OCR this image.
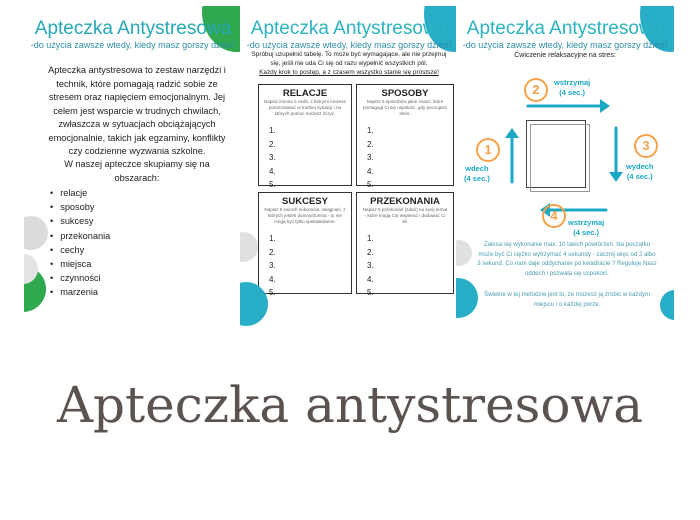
Apteczka Antystresowa
-do użycia zawsze wtedy, kiedy masz gorszy dzień!
Apteczka antystresowa to zestaw narzędzi i technik, które pomagają radzić sobie ze stresem oraz napięciem emocjonalnym. Jej celem jest wsparcie w trudnych chwilach, zwłaszcza w sytuacjach obciążających emocjonalnie, takich jak egzaminy, konflikty czy codzienne wyzwania szkolne.
W naszej apteczce skupiamy się na obszarach:
• relacje
• sposoby
• sukcesy
• przekonania
• cechy
• miejsca
• czynności
• marzenia
Apteczka Antystresowa
-do użycia zawsze wtedy, kiedy masz gorszy dzień!
Spróbuj uzupełnić tabelę. To może być wymagające, ale nie przejmuj się, jeśli nie uda Ci się od razu wypełnić wszystkich pól.
Każdy krok to postęp, a z czasem wszystko stanie się prostsze!
RELACJE
Napisz imiona 5 osób, z którymi możesz porozmawiać w trudnej sytuacji i na których pomoc możesz liczyć.
1.
2.
3.
4.
5.
SPOSOBY
Napisz 5 sposobów jakie znasz, które pomagają Ci się uspokoić, gdy poczujesz stres.
1.
2.
3.
4.
5.
SUKCESY
Napisz 5 swoich sukcesów, osiągnięć, z których jesteś dumny/dumna - to nie mogą być tylko spektakularne.
1.
2.
3.
4.
5.
PRZEKONANIA
Napisz 5 przekonań (zdań) na swój temat - które mogą Cię wspierać i dodawać Ci sił.
1.
2.
3.
4.
5.
Apteczka Antystresowa
-do użycia zawsze wtedy, kiedy masz gorszy dzień!
Ćwiczenie relaksacyjne na stres:
1
2
3
4
wdech
(4 sec.)
wstrzymaj
(4 sec.)
wydech
(4 sec.)
wstrzymaj
(4 sec.)
Zaleca się wykonanie max. 10 takich powtórzeń. Na początku może być Ci ciężko wytrzymać 4 sekundy - zacznij więc od 2 albo 3 sekund. Co nam daje oddychanie po kwadracie ? Reguluje Nasz oddech i pozwala się uspokoić.
Świetne w tej metodzie jest to, że możesz ją zrobić w każdym miejscu i o każdej porze.
Apteczka antystresowa
